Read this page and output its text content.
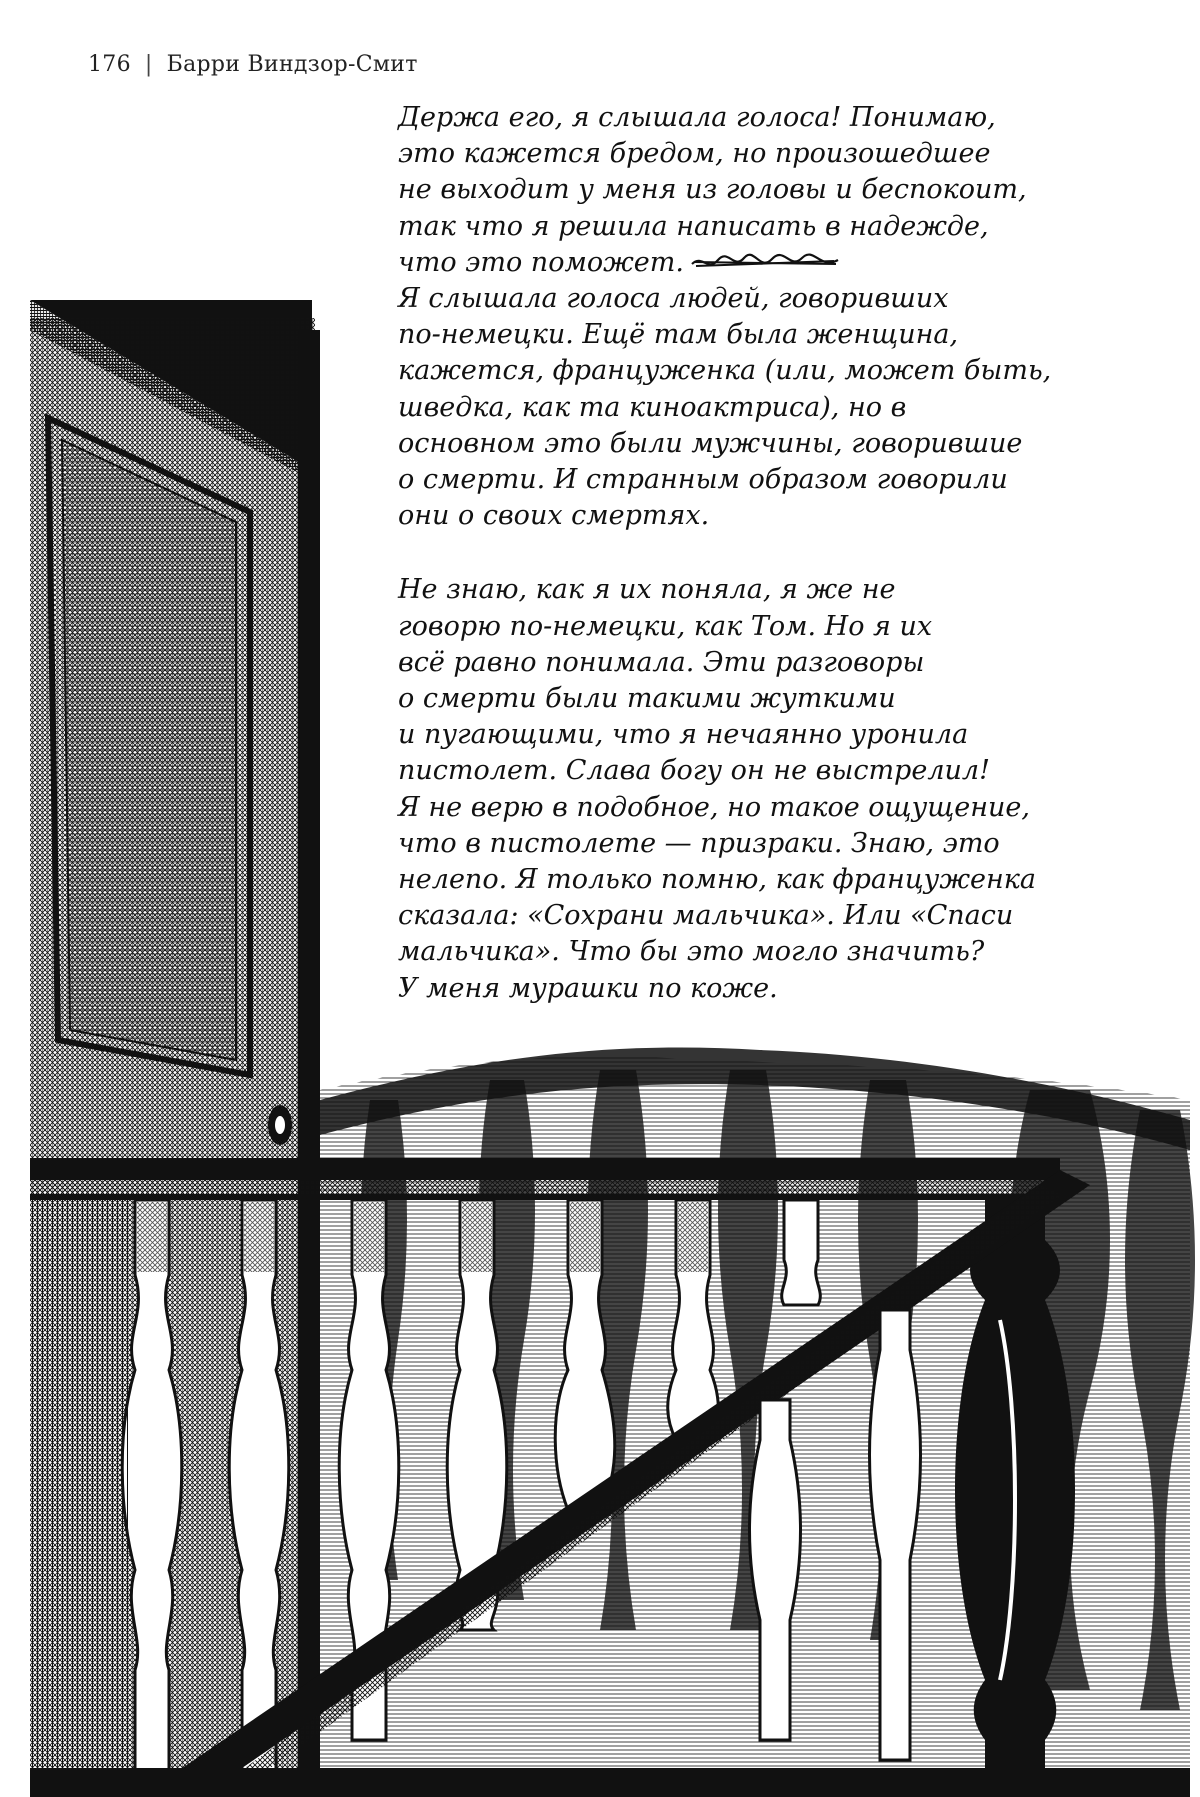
176 | Барри Виндзор-Смит
Держа его, я слышала голоса! Понимаю,
это кажется бредом, но произошедшее
не выходит у меня из головы и беспокоит,
так что я решила написать в надежде,
что это поможет.
Я слышала голоса людей, говоривших
по-немецки. Ещё там была женщина,
кажется, француженка (или, может быть,
шведка, как та киноактриса), но в
основном это были мужчины, говорившие
о смерти. И странным образом говорили
они о своих смертях.
Не знаю, как я их поняла, я же не
говорю по-немецки, как Том. Но я их
всё равно понимала. Эти разговоры
о смерти были такими жуткими
и пугающими, что я нечаянно уронила
пистолет. Слава богу он не выстрелил!
Я не верю в подобное, но такое ощущение,
что в пистолете — призраки. Знаю, это
нелепо. Я только помню, как француженка
сказала: «Сохрани мальчика». Или «Спаси
мальчика». Что бы это могло значить?
У меня мурашки по коже.
